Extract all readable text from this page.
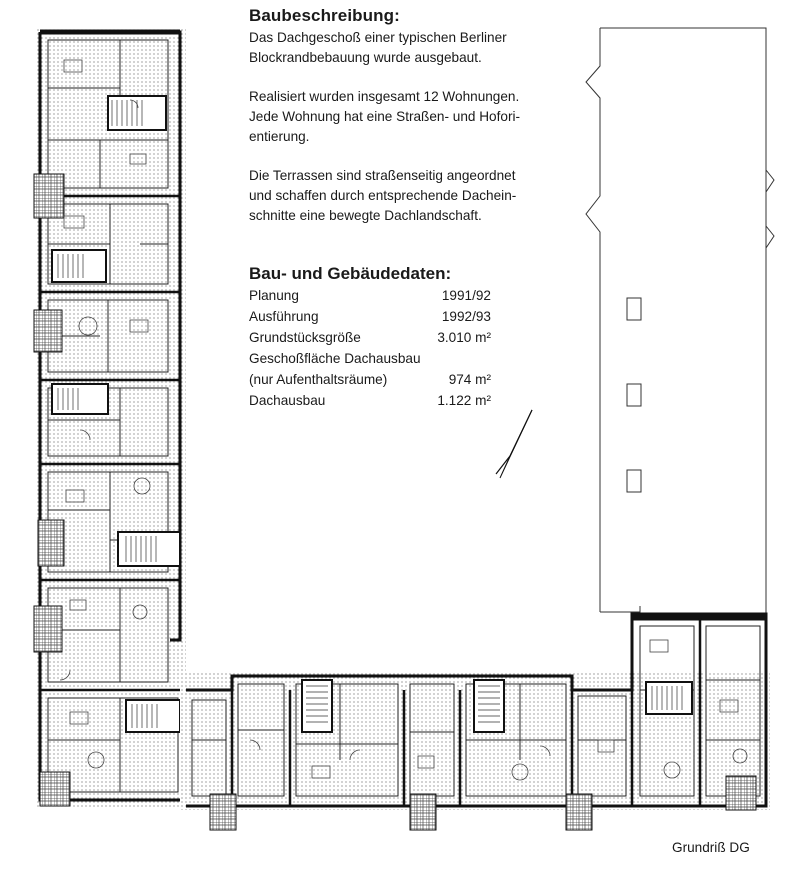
Baubeschreibung:

Das Dachgeschoß einer typischen Berliner

Blockrandbebauung wurde ausgebaut.

Realisiert wurden insgesamt 12 Wohnungen.

Jede Wohnung hat eine Straßen- und Hofori-

entierung.

Die Terrassen sind straßenseitig angeordnet

und schaffen durch entsprechende Dachein-

schnitte eine bewegte Dachlandschaft.

Bau- und Gebäudedaten:
Planung	1991/92
Ausführung	1992/93
Grundstücksgröße	3.010 m²
Geschoßfläche Dachausbau	
(nur Aufenthaltsräume)	974 m²
Dachausbau	1.122 m²
Grundriß DG
